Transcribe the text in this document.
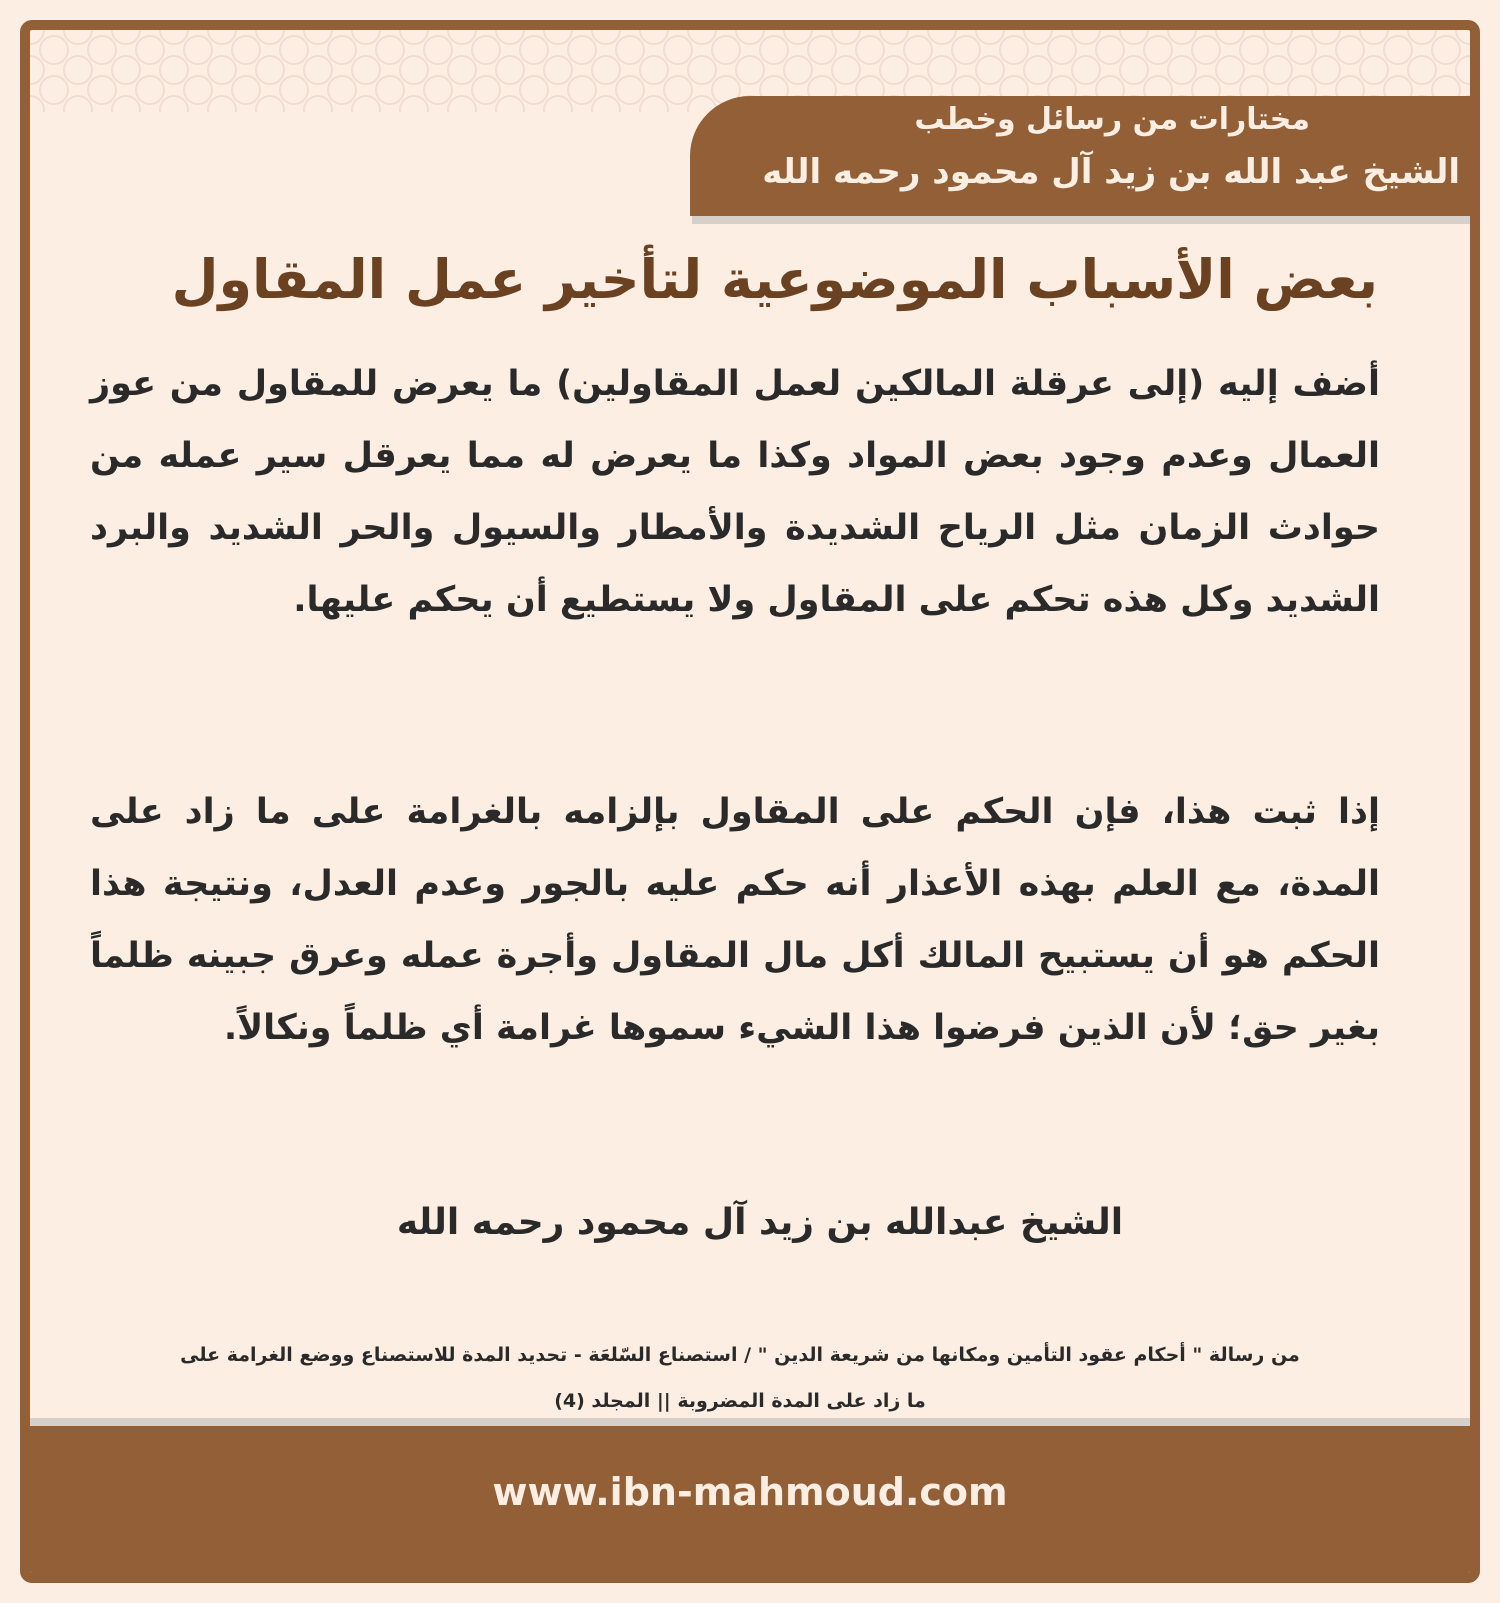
مختارات من رسائل وخطب
الشيخ عبد الله بن زيد آل محمود رحمه الله
بعض الأسباب الموضوعية لتأخير عمل المقاول
أضف إليه (إلى عرقلة المالكين لعمل المقاولين) ما يعرض للمقاول من عوز العمال وعدم وجود بعض المواد وكذا ما يعرض له مما يعرقل سير عمله من حوادث الزمان مثل الرياح الشديدة والأمطار والسيول والحر الشديد والبرد الشديد وكل هذه تحكم على المقاول ولا يستطيع أن يحكم عليها.
إذا ثبت هذا، فإن الحكم على المقاول بإلزامه بالغرامة على ما زاد على المدة، مع العلم بهذه الأعذار أنه حكم عليه بالجور وعدم العدل، ونتيجة هذا الحكم هو أن يستبيح المالك أكل مال المقاول وأجرة عمله وعرق جبينه ظلماً بغير حق؛ لأن الذين فرضوا هذا الشيء سموها غرامة أي ظلماً ونكالاً.
الشيخ عبدالله بن زيد آل محمود رحمه الله
من رسالة " أحكام عقود التأمين ومكانها من شريعة الدين " / استصناع السّلعَة - تحديد المدة للاستصناع ووضع الغرامة على
ما زاد على المدة المضروبة || المجلد (4)
www.ibn-mahmoud.com
